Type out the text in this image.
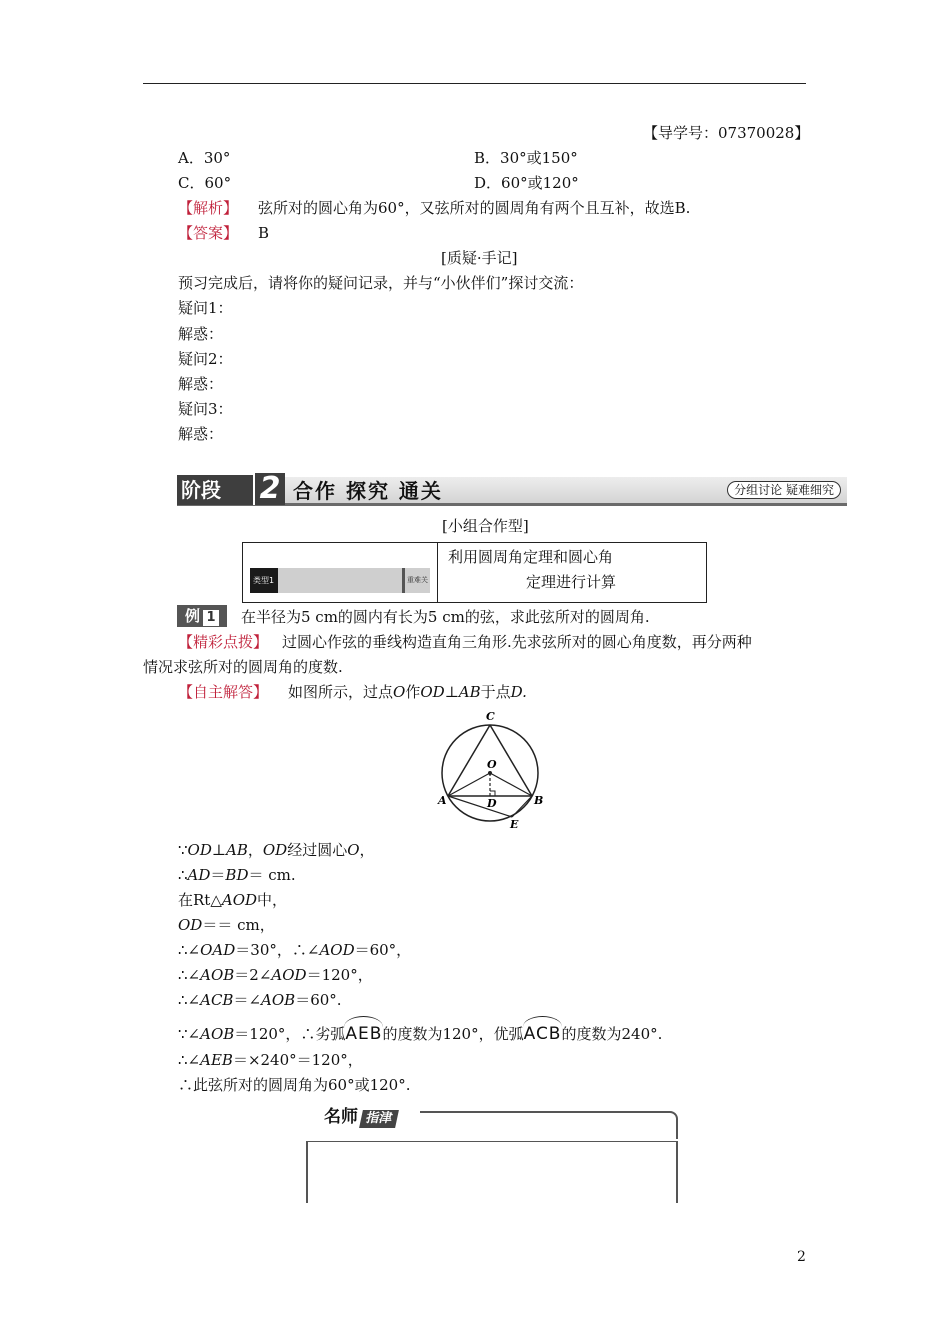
【导学号：07370028】
A．30°	B．30°或150°
C．60°	D．60°或120°
【解析】 弦所对的圆心角为60°，又弦所对的圆周角有两个且互补，故选B.
【答案】 B
[质疑·手记]
预习完成后，请将你的疑问记录，并与“小伙伴们”探讨交流：
疑问1：
解惑：
疑问2：
解惑：
疑问3：
解惑：
阶段	2 合作 探究 通关	分组讨论 疑难细究
[小组合作型]
类型1	重难关
利用圆周角定理和圆心角
定理进行计算
例 1	在半径为5 cm的圆内有长为5 cm的弦，求此弦所对的圆周角.
【精彩点拨】 过圆心作弦的垂线构造直角三角形.先求弦所对的圆心角度数，再分两种
情况求弦所对的圆周角的度数.
【自主解答】 如图所示，过点O作OD⊥AB于点D.
C
O
A	D	B
E
∵OD⊥AB，OD经过圆心O，
∴AD＝BD＝ cm.
在Rt△AOD中，
OD＝＝ cm，
∴∠OAD＝30°，∴∠AOD＝60°，
∴∠AOB＝2∠AOD＝120°，
∴∠ACB＝∠AOB＝60°.
∵∠AOB＝120°，∴劣弧AEB的度数为120°，优弧ACB的度数为240°.
∴∠AEB＝×240°＝120°，
∴此弦所对的圆周角为60°或120°.
名师 指津
2
